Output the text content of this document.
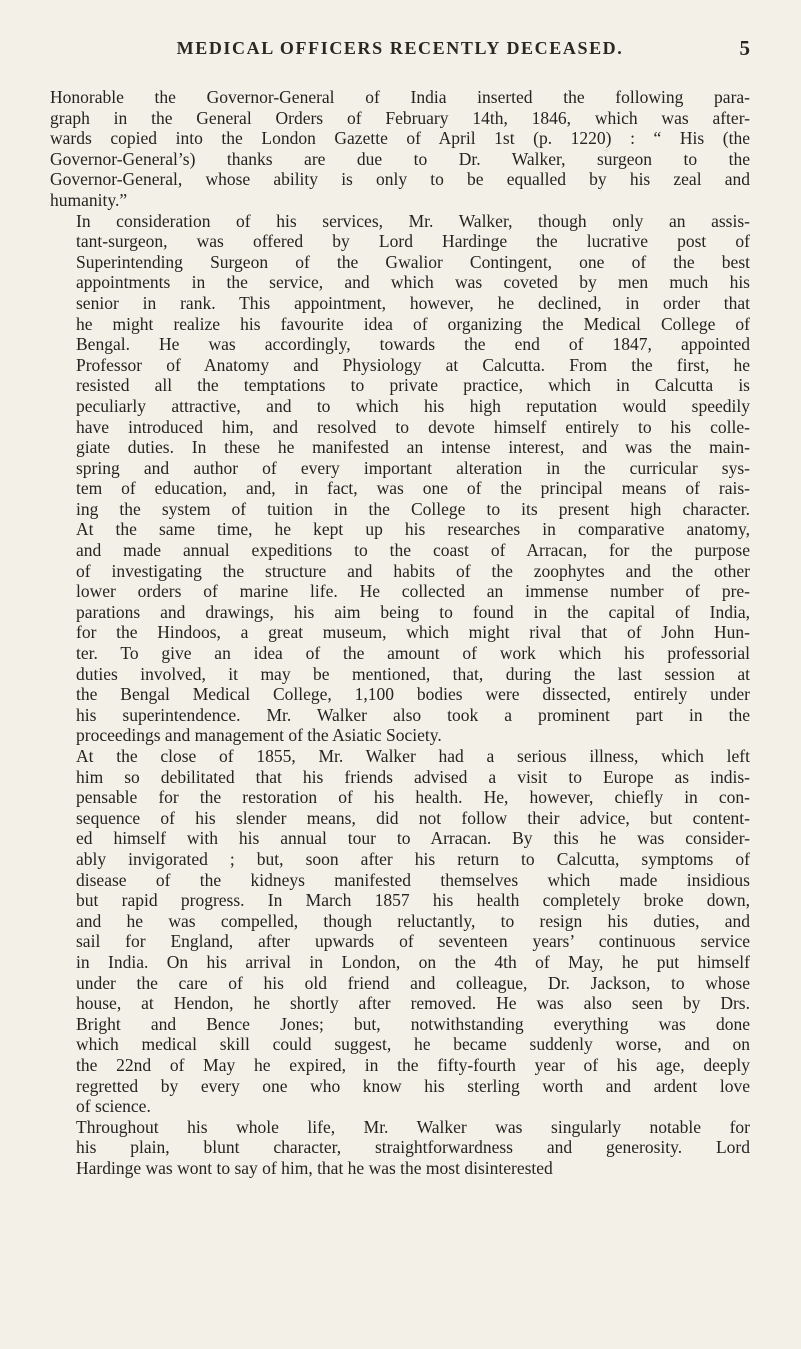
MEDICAL OFFICERS RECENTLY DECEASED.	5
Honorable the Governor-General of India inserted the following para-
graph in the General Orders of February 14th, 1846, which was after-
wards copied into the London Gazette of April 1st (p. 1220) : “ His (the
Governor-General’s) thanks are due to Dr. Walker, surgeon to the
Governor-General, whose ability is only to be equalled by his zeal and
humanity.”
In consideration of his services, Mr. Walker, though only an assis-
tant-surgeon, was offered by Lord Hardinge the lucrative post of
Superintending Surgeon of the Gwalior Contingent, one of the best
appointments in the service, and which was coveted by men much his
senior in rank. This appointment, however, he declined, in order that
he might realize his favourite idea of organizing the Medical College of
Bengal. He was accordingly, towards the end of 1847, appointed
Professor of Anatomy and Physiology at Calcutta. From the first, he
resisted all the temptations to private practice, which in Calcutta is
peculiarly attractive, and to which his high reputation would speedily
have introduced him, and resolved to devote himself entirely to his colle-
giate duties. In these he manifested an intense interest, and was the main-
spring and author of every important alteration in the curricular sys-
tem of education, and, in fact, was one of the principal means of rais-
ing the system of tuition in the College to its present high character.
At the same time, he kept up his researches in comparative anatomy,
and made annual expeditions to the coast of Arracan, for the purpose
of investigating the structure and habits of the zoophytes and the other
lower orders of marine life. He collected an immense number of pre-
parations and drawings, his aim being to found in the capital of India,
for the Hindoos, a great museum, which might rival that of John Hun-
ter. To give an idea of the amount of work which his professorial
duties involved, it may be mentioned, that, during the last session at
the Bengal Medical College, 1,100 bodies were dissected, entirely under
his superintendence. Mr. Walker also took a prominent part in the
proceedings and management of the Asiatic Society.
At the close of 1855, Mr. Walker had a serious illness, which left
him so debilitated that his friends advised a visit to Europe as indis-
pensable for the restoration of his health. He, however, chiefly in con-
sequence of his slender means, did not follow their advice, but content-
ed himself with his annual tour to Arracan. By this he was consider-
ably invigorated ; but, soon after his return to Calcutta, symptoms of
disease of the kidneys manifested themselves which made insidious
but rapid progress. In March 1857 his health completely broke down,
and he was compelled, though reluctantly, to resign his duties, and
sail for England, after upwards of seventeen years’ continuous service
in India. On his arrival in London, on the 4th of May, he put himself
under the care of his old friend and colleague, Dr. Jackson, to whose
house, at Hendon, he shortly after removed. He was also seen by Drs.
Bright and Bence Jones; but, notwithstanding everything was done
which medical skill could suggest, he became suddenly worse, and on
the 22nd of May he expired, in the fifty-fourth year of his age, deeply
regretted by every one who know his sterling worth and ardent love
of science.
Throughout his whole life, Mr. Walker was singularly notable for
his plain, blunt character, straightforwardness and generosity. Lord
Hardinge was wont to say of him, that he was the most disinterested
